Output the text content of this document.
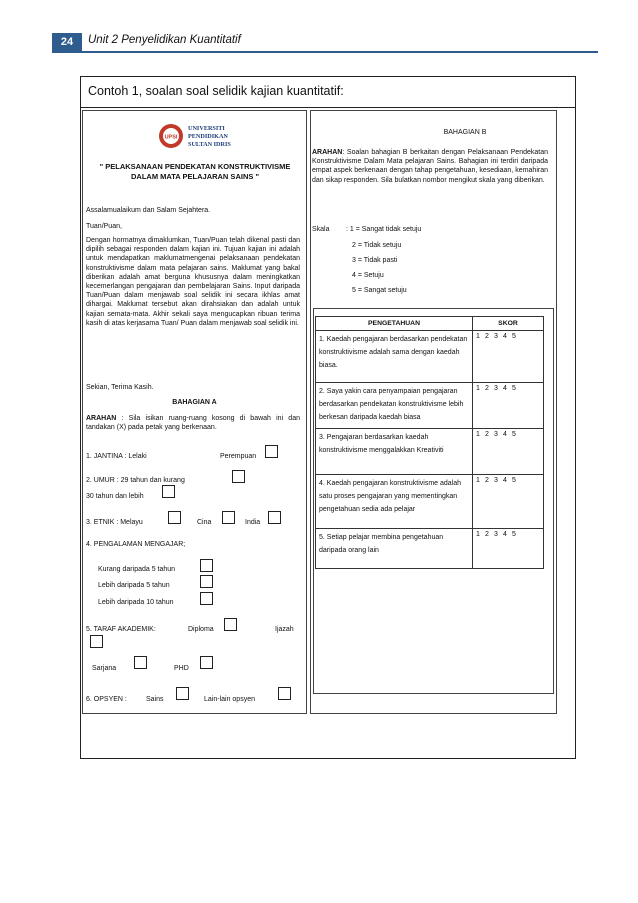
24	Unit 2 Penyelidikan Kuantitatif
Contoh 1, soalan soal selidik kajian kuantitatif:
UPSI
UNIVERSITI
PENDIDIKAN
SULTAN IDRIS
" PELAKSANAAN PENDEKATAN KONSTRUKTIVISME DALAM MATA PELAJARAN SAINS "
Assalamualaikum dan Salam Sejahtera.
Tuan/Puan,
Dengan hormatnya dimaklumkan, Tuan/Puan telah dikenal pasti dan dipilih sebagai responden dalam kajian ini. Tujuan kajian ini adalah untuk mendapatkan maklumatmengenai pelaksanaan pendekatan konstruktivisme dalam mata pelajaran sains. Maklumat yang bakal diberikan adalah amat berguna khususnya dalam meningkatkan kecemerlangan pengajaran dan pembelajaran Sains. Input daripada Tuan/Puan dalam menjawab soal selidik ini secara ikhlas amat dihargai. Maklumat tersebut akan dirahsiakan dan adalah untuk kajian semata-mata. Akhir sekali saya mengucapkan ribuan terima kasih di atas kerjasama Tuan/ Puan dalam menjawab soal selidik ini.
Sekian, Terima Kasih.
BAHAGIAN A
ARAHAN : Sila isikan ruang-ruang kosong di bawah ini dan tandakan (X) pada petak yang berkenaan.
1. JANTINA : Lelaki	Perempuan
2. UMUR : 29 tahun dan kurang
30 tahun dan lebih
3. ETNIK : Melayu	Cina	India
4. PENGALAMAN MENGAJAR;
Kurang daripada 5 tahun
Lebih daripada 5 tahun
Lebih daripada 10 tahun
5. TARAF AKADEMIK:	Diploma	Ijazah
Sarjana	PHD
6. OPSYEN :	Sains	Lain-lain opsyen
BAHAGIAN B
ARAHAN: Soalan bahagian B berkaitan dengan Pelaksanaan Pendekatan Konstruktivisme Dalam Mata pelajaran Sains. Bahagian ini terdiri daripada empat aspek berkenaan dengan tahap pengetahuan, kesediaan, kemahiran dan sikap responden. Sila bulatkan nombor mengikut skala yang diberikan.
Skala : 1 = Sangat tidak setuju
2 = Tidak setuju
3 = Tidak pasti
4 = Setuju
5 = Sangat setuju
PENGETAHUAN	SKOR
1. Kaedah pengajaran berdasarkan pendekatan konstruktivisme adalah sama dengan kaedah biasa.	1 2 3 4 5
2. Saya yakin cara penyampaian pengajaran berdasarkan pendekatan konstruktivisme lebih berkesan daripada kaedah biasa	1 2 3 4 5
3. Pengajaran berdasarkan kaedah konstruktivisme menggalakkan Kreativiti	1 2 3 4 5
4. Kaedah pengajaran konstruktivisme adalah satu proses pengajaran yang mementingkan pengetahuan sedia ada pelajar	1 2 3 4 5
5. Setiap pelajar membina pengetahuan daripada orang lain	1 2 3 4 5
